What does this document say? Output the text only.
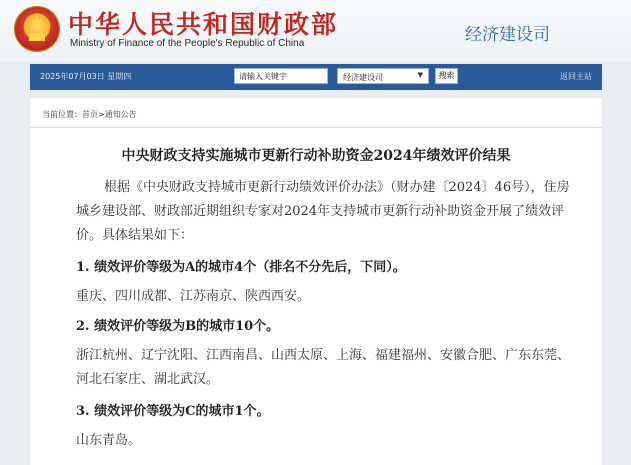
★ 中华人民共和国财政部
Ministry of Finance of the People's Republic of China	经济建设司
2025年07月03日 星期四
请输入关键字	经济建设司	▼	搜索	返回主站
当前位置：首页>通知公告
中央财政支持实施城市更新行动补助资金2024年绩效评价结果
根据《中央财政支持城市更新行动绩效评价办法》（财办建〔2024〕46号），住房城乡建设部、财政部近期组织专家对2024年支持城市更新行动补助资金开展了绩效评价。具体结果如下：
1. 绩效评价等级为A的城市4个（排名不分先后，下同）。
重庆、四川成都、江苏南京、陕西西安。
2. 绩效评价等级为B的城市10个。
浙江杭州、辽宁沈阳、江西南昌、山西太原、上海、福建福州、安徽合肥、广东东莞、河北石家庄、湖北武汉。
3. 绩效评价等级为C的城市1个。
山东青岛。
